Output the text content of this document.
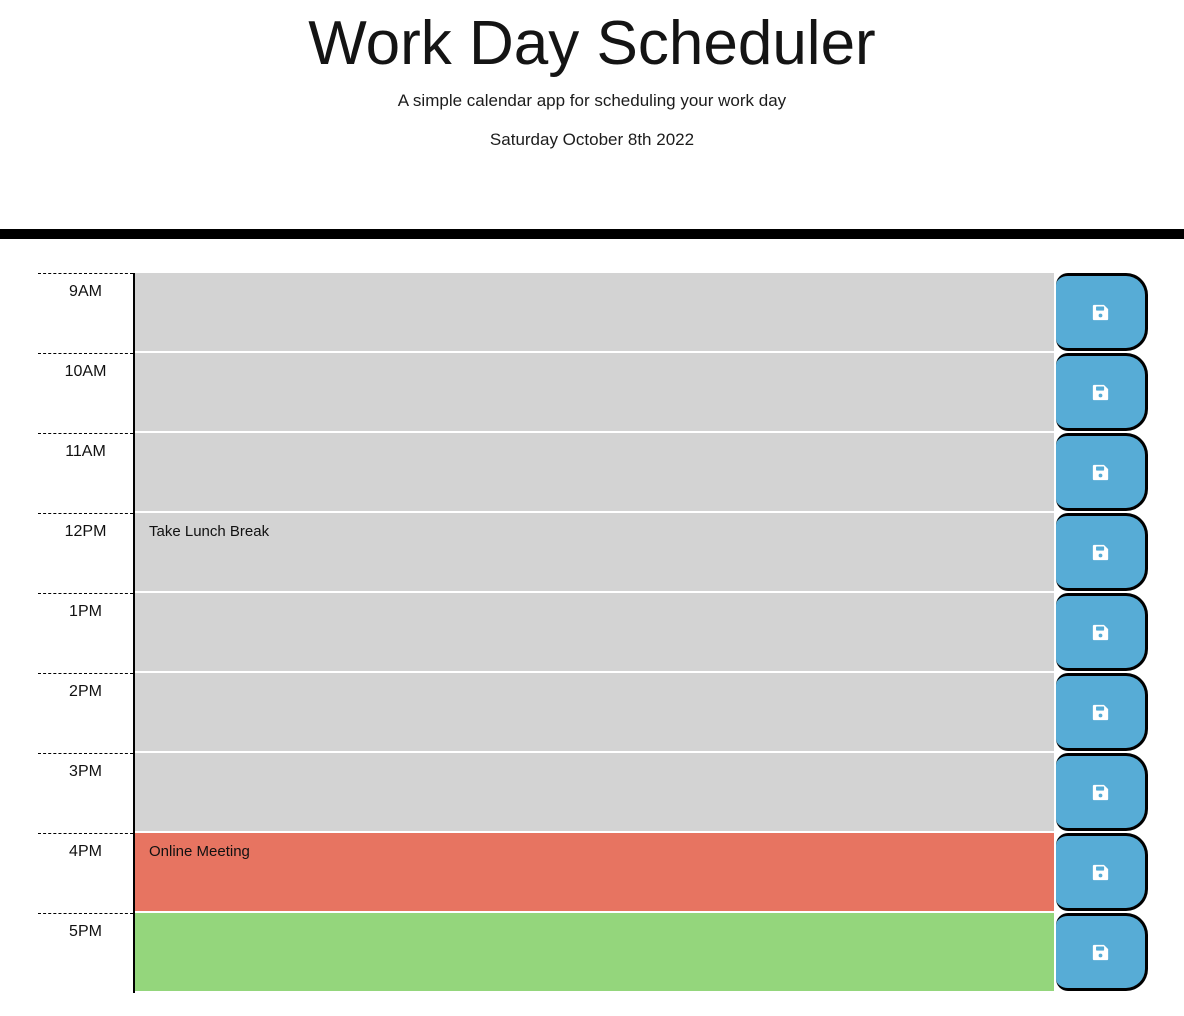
Work Day Scheduler

A simple calendar app for scheduling your work day

Saturday October 8th 2022

9AM
10AM
11AM
12PM
Take Lunch Break
1PM
2PM
3PM
4PM
Online Meeting
5PM
